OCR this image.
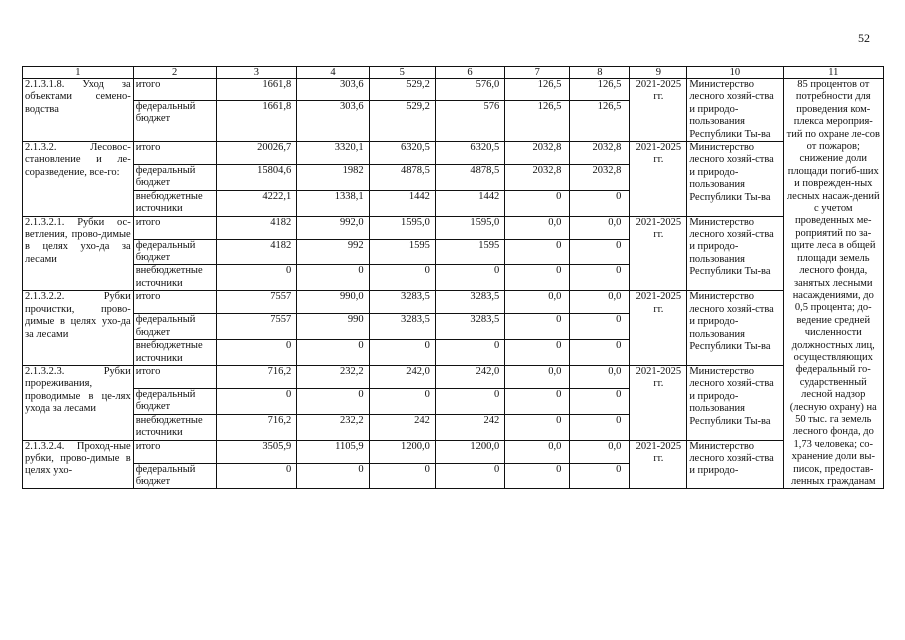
52
1	2	3	4	5	6	7	8	9	10	11
2.1.3.1.8. Уход за объектами семено-водства	итого	1661,8	303,6	529,2	576,0	126,5	126,5	2021-2025 гг.	Министерство лесного хозяй-ства и природо-пользования Республики Ты-ва	85 процентов от потребности для проведения ком-плекса мероприя-тий по охране ле-сов от пожаров; снижение доли площади погиб-ших и поврежден-ных лесных насаж-дений с учетом проведенных ме-роприятий по за-щите леса в общей площади земель лесного фонда, занятых лесными насаждениями, до 0,5 процента; до-ведение средней численности должностных лиц, осуществляющих федеральный го-сударственный лесной надзор (лесную охрану) на 50 тыс. га земель лесного фонда, до 1,73 человека; со-хранение доли вы-писок, предостав-ленных гражданам
	федеральный бюджет	1661,8	303,6	529,2	576	126,5	126,5			
2.1.3.2. Лесовос-становление и ле-соразведение, все-го:	итого	20026,7	3320,1	6320,5	6320,5	2032,8	2032,8	2021-2025 гг.	Министерство лесного хозяй-ства и природо-пользования Республики Ты-ва	
	федеральный бюджет	15804,6	1982	4878,5	4878,5	2032,8	2032,8			
	внебюджетные источники	4222,1	1338,1	1442	1442	0	0			
2.1.3.2.1. Рубки ос-ветления, прово-димые в целях ухо-да за лесами	итого	4182	992,0	1595,0	1595,0	0,0	0,0	2021-2025 гг.	Министерство лесного хозяй-ства и природо-пользования Республики Ты-ва	
	федеральный бюджет	4182	992	1595	1595	0	0			
	внебюджетные источники	0	0	0	0	0	0			
2.1.3.2.2. Рубки прочистки, прово-димые в целях ухо-да за лесами	итого	7557	990,0	3283,5	3283,5	0,0	0,0	2021-2025 гг.	Министерство лесного хозяй-ства и природо-пользования Республики Ты-ва	
	федеральный бюджет	7557	990	3283,5	3283,5	0	0			
	внебюджетные источники	0	0	0	0	0	0			
2.1.3.2.3. Рубки прореживания, проводимые в це-лях ухода за лесами	итого	716,2	232,2	242,0	242,0	0,0	0,0	2021-2025 гг.	Министерство лесного хозяй-ства и природо-пользования Республики Ты-ва	
	федеральный бюджет	0	0	0	0	0	0			
	внебюджетные источники	716,2	232,2	242	242	0	0			
2.1.3.2.4. Проход-ные рубки, прово-димые в целях ухо-	итого	3505,9	1105,9	1200,0	1200,0	0,0	0,0	2021-2025 гг.	Министерство лесного хозяй-ства и природо-	
	федеральный бюджет	0	0	0	0	0	0			
